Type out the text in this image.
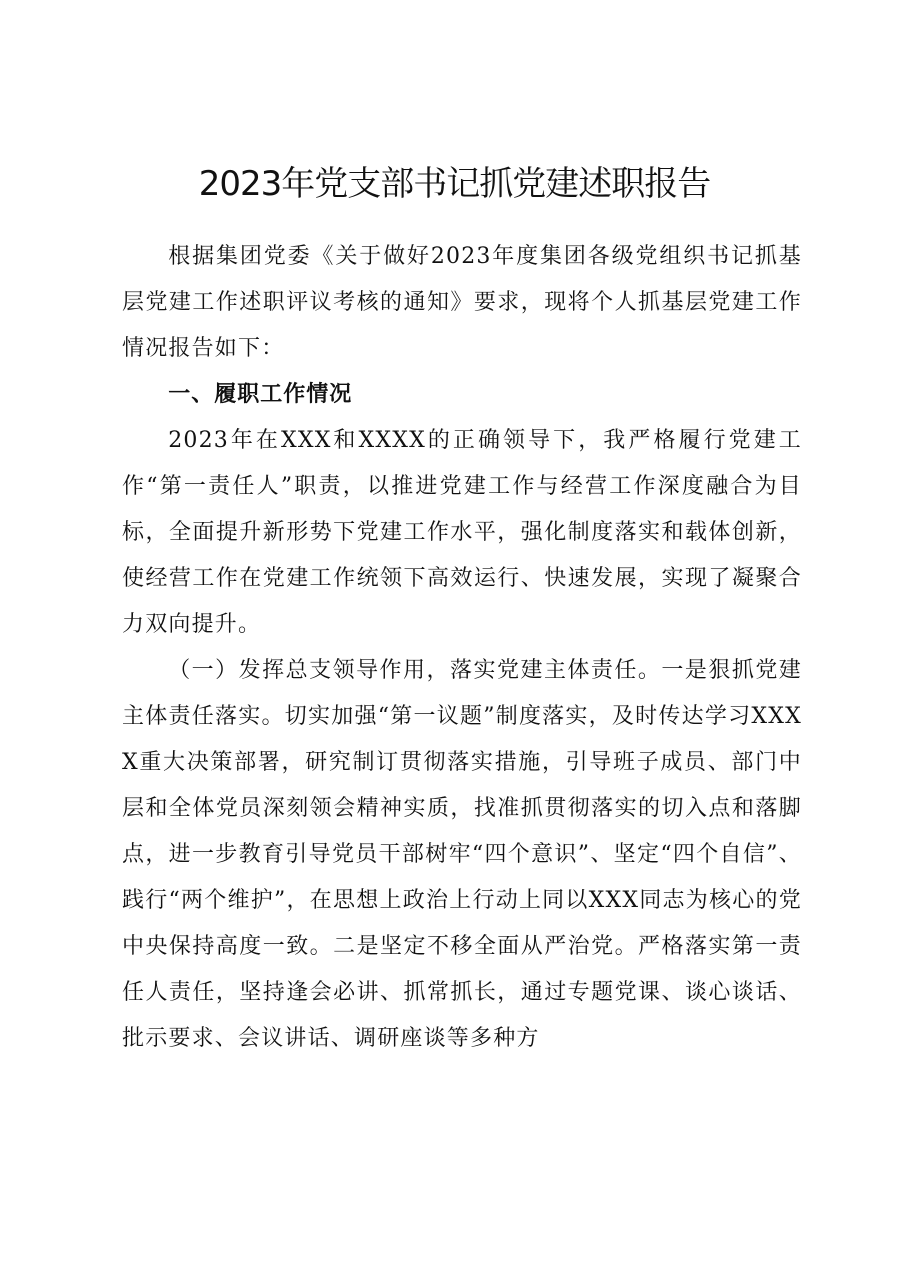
2023年党支部书记抓党建述职报告

根据集团党委《关于做好2023年度集团各级党组织书记抓基层党建工作述职评议考核的通知》要求，现将个人抓基层党建工作情况报告如下：

一、履职工作情况

2023年在XXX和XXXX的正确领导下，我严格履行党建工作“第一责任人”职责，以推进党建工作与经营工作深度融合为目标，全面提升新形势下党建工作水平，强化制度落实和载体创新，使经营工作在党建工作统领下高效运行、快速发展，实现了凝聚合力双向提升。

（一）发挥总支领导作用，落实党建主体责任。一是狠抓党建主体责任落实。切实加强“第一议题”制度落实，及时传达学习XXXX重大决策部署，研究制订贯彻落实措施，引导班子成员、部门中层和全体党员深刻领会精神实质，找准抓贯彻落实的切入点和落脚点，进一步教育引导党员干部树牢“四个意识”、坚定“四个自信”、践行“两个维护”，在思想上政治上行动上同以XXX同志为核心的党中央保持高度一致。二是坚定不移全面从严治党。严格落实第一责任人责任，坚持逢会必讲、抓常抓长，通过专题党课、谈心谈话、批示要求、会议讲话、调研座谈等多种方
